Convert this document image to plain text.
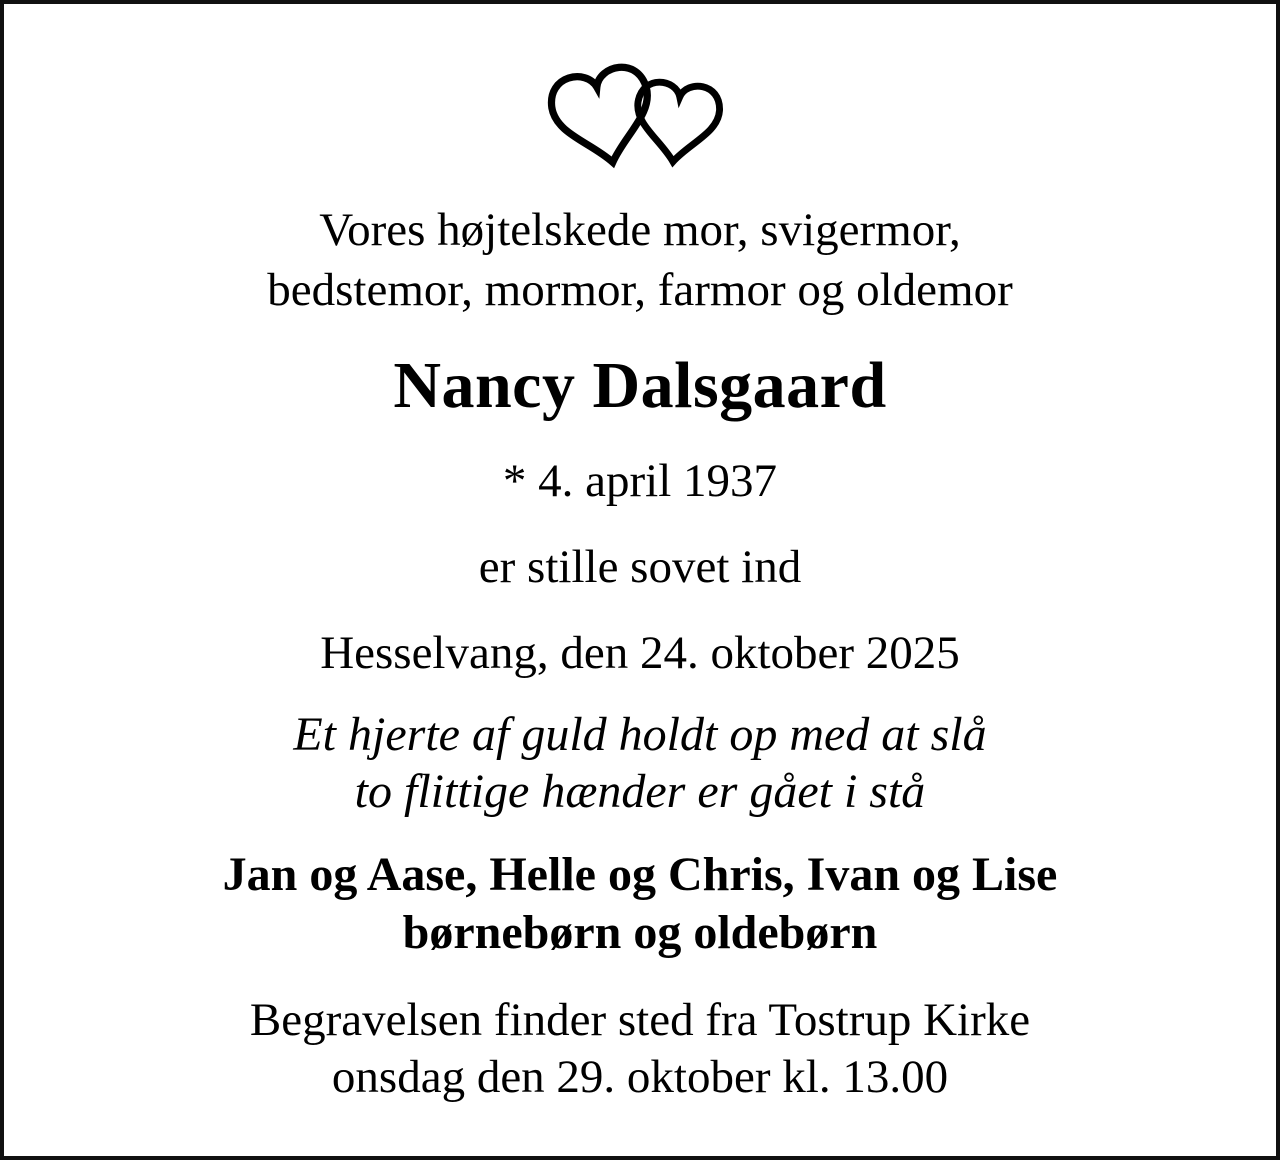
Vores højtelskede mor, svigermor,
bedstemor, mormor, farmor og oldemor
Nancy Dalsgaard
* 4. april 1937
er stille sovet ind
Hesselvang, den 24. oktober 2025
Et hjerte af guld holdt op med at slå
to flittige hænder er gået i stå
Jan og Aase, Helle og Chris, Ivan og Lise
børnebørn og oldebørn
Begravelsen finder sted fra Tostrup Kirke
onsdag den 29. oktober kl. 13.00
